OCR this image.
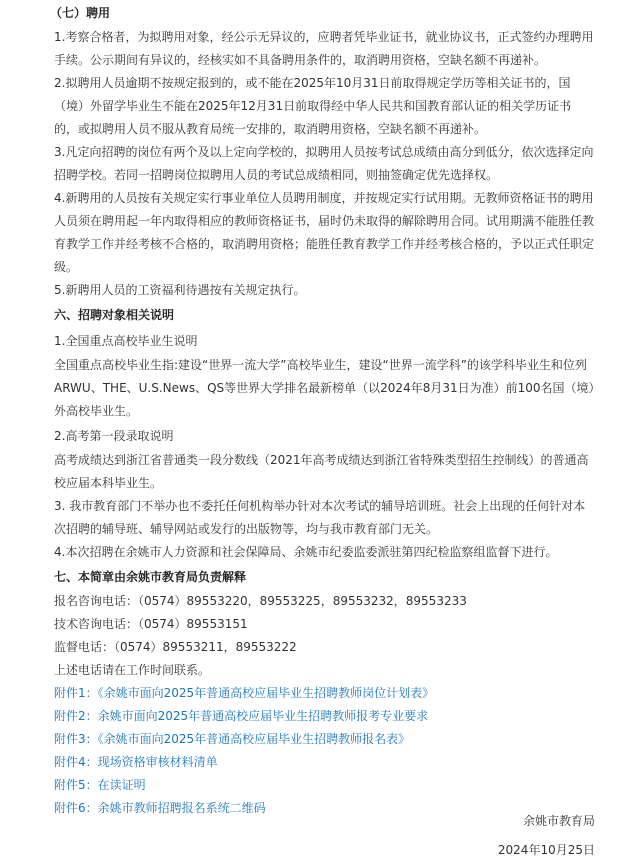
（七）聘用

1.考察合格者，为拟聘用对象，经公示无异议的，应聘者凭毕业证书，就业协议书，正式签约办理聘用手续。公示期间有异议的，经核实如不具备聘用条件的，取消聘用资格，空缺名额不再递补。

2.拟聘用人员逾期不按规定报到的，或不能在2025年10月31日前取得规定学历等相关证书的，国（境）外留学毕业生不能在2025年12月31日前取得经中华人民共和国教育部认证的相关学历证书的，或拟聘用人员不服从教育局统一安排的，取消聘用资格，空缺名额不再递补。

3.凡定向招聘的岗位有两个及以上定向学校的，拟聘用人员按考试总成绩由高分到低分，依次选择定向招聘学校。若同一招聘岗位拟聘用人员的考试总成绩相同，则抽签确定优先选择权。

4.新聘用的人员按有关规定实行事业单位人员聘用制度，并按规定实行试用期。无教师资格证书的聘用人员须在聘用起一年内取得相应的教师资格证书，届时仍未取得的解除聘用合同。试用期满不能胜任教育教学工作并经考核不合格的，取消聘用资格；能胜任教育教学工作并经考核合格的，予以正式任职定级。

5.新聘用人员的工资福利待遇按有关规定执行。

六、招聘对象相关说明

1.全国重点高校毕业生说明

全国重点高校毕业生指:建设“世界一流大学”高校毕业生，建设“世界一流学科”的该学科毕业生和位列ARWU、THE、U.S.News、QS等世界大学排名最新榜单（以2024年8月31日为准）前100名国（境）外高校毕业生。

2.高考第一段录取说明

高考成绩达到浙江省普通类一段分数线（2021年高考成绩达到浙江省特殊类型招生控制线）的普通高校应届本科毕业生。

3. 我市教育部门不举办也不委托任何机构举办针对本次考试的辅导培训班。社会上出现的任何针对本次招聘的辅导班、辅导网站或发行的出版物等，均与我市教育部门无关。

4.本次招聘在余姚市人力资源和社会保障局、余姚市纪委监委派驻第四纪检监察组监督下进行。

七、本简章由余姚市教育局负责解释

报名咨询电话：（0574）89553220，89553225，89553232，89553233

技术咨询电话：（0574）89553151

监督电话：（0574）89553211，89553222

上述电话请在工作时间联系。

附件1：《余姚市面向2025年普通高校应届毕业生招聘教师岗位计划表》
附件2：余姚市面向2025年普通高校应届毕业生招聘教师报考专业要求
附件3：《余姚市面向2025年普通高校应届毕业生招聘教师报名表》
附件4：现场资格审核材料清单
附件5：在读证明
附件6：余姚市教师招聘报名系统二维码
余姚市教育局
2024年10月25日
